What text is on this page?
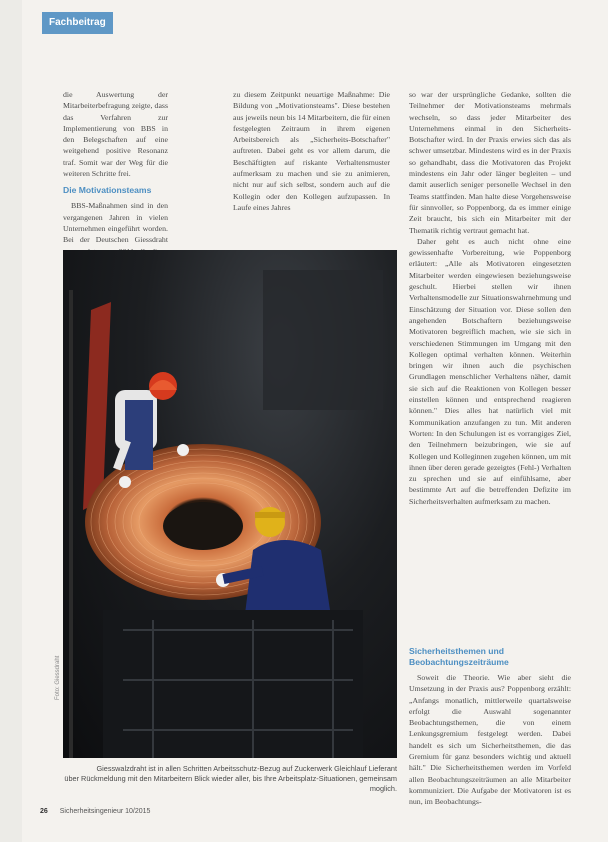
Fachbeitrag

die Auswertung der Mitarbeiterbefragung zeigte, dass das Verfahren zur Implementierung von BBS in den Belegschaften auf eine weitgehend positive Resonanz traf. Somit war der Weg für die weiteren Schritte frei.

Die Motivationsteams

BBS-Maßnahmen sind in den vergangenen Jahren in vielen Unternehmen eingeführt worden. Bei der Deutschen Giessdraht

zu diesem Zeitpunkt neuartige Maßnahme: Die Bildung von „Motivationsteams". Diese bestehen aus jeweils neun bis 14 Mitarbeitern, die für einen festgelegten Zeitraum in ihrem eigenen Arbeitsbereich als „Sicherheits-Botschafter" auftreten. Dabei geht es vor allem darum, die Beschäftigten auf riskante Verhaltensmuster aufmerksam zu machen und sie zu animieren, nicht nur auf sich selbst, sondern auch auf die Kollegin oder den Kollegen aufzupassen. In Laufe eines Jahres

so war der ursprüngliche Gedanke, sollten die Teilnehmer der Motivationsteams mehrmals wechseln, so dass jeder Mitarbeiter des Unternehmens einmal in den Sicherheits-Botschafter wird. In der Praxis erwies sich das als schwer umsetzbar. Mindestens wird es in der Praxis so gehandhabt, dass die Motivatoren das Projekt mindestens ein Jahr oder länger begleiten – und damit auserlich seniger personelle Wechsel in den Teams stattfinden. Man halte diese Vorgehensweise für sinnvoller, so Poppenborg, da es immer einige Zeit braucht, bis sich ein Mitarbeiter mit der Thematik richtig vertraut gemacht hat.

Daher geht es auch nicht ohne eine gewissenhafte Vorbereitung, wie Poppenborg erläutert: „Alle als Motivatoren eingesetzten Mitarbeiter werden eingewiesen beziehungsweise geschult. Hierbei stellen wir ihnen Verhaltensmodelle zur Situationswahrnehmung und Einschätzung der Situation vor. Diese sollen den angehenden Botschaftern beziehungsweise Motivatoren begreiflich machen, wie sie sich in verschiedenen Stimmungen im Umgang mit den Kollegen optimal verhalten können. Weiterhin bringen wir ihnen auch die psychischen Grundlagen menschlicher Verhaltens näher, damit sie sich auf die Reaktionen von Kollegen besser einstellen können und entsprechend reagieren können." Dies alles hat natürlich viel mit Kommunikation anzufangen zu tun. Mit anderen Worten: In den Schulungen ist es vorrangiges Ziel, den Teilnehmern beizubringen, wie sie auf Kollegen und Kolleginnen zugehen können, um mit ihnen über deren gerade gezeigtes (Fehl-) Verhalten zu sprechen und sie auf einfühlsame, aber bestimmte Art auf die betreffenden Defizite im Sicherheitsverhalten aufmerksam zu machen.

Sicherheitsthemen und
Beobachtungszeiträume

Soweit die Theorie. Wie aber sieht die Umsetzung in der Praxis aus? Poppenborg erzählt: „Anfangs monatlich, mittlerweile quartalsweise erfolgt die Auswahl sogenannter Beobachtungsthemen, die von einem Lenkungsgremium festgelegt werden. Dabei handelt es sich um Sicherheitsthemen, die das Gremium für ganz besonders wichtig und aktuell hält." Die Sicherheitsthemen werden im Vorfeld allen Beobachtungszeiträumen an alle Mitarbeiter kommuniziert. Die Aufgabe der Motivatoren ist es nun, im Beobachtungs-

Foto: Giessdraht
Giesswalzdraht ist in allen Schritten Arbeitsschutz-Bezug auf Zuckerwerk Gleichlauf Lieferant
über Rückmeldung mit den Mitarbeitern Blick wieder aller, bis Ihre Arbeitsplatz-Situationen, gemeinsam moglich.
26 Sicherheitsingenieur 10/2015
